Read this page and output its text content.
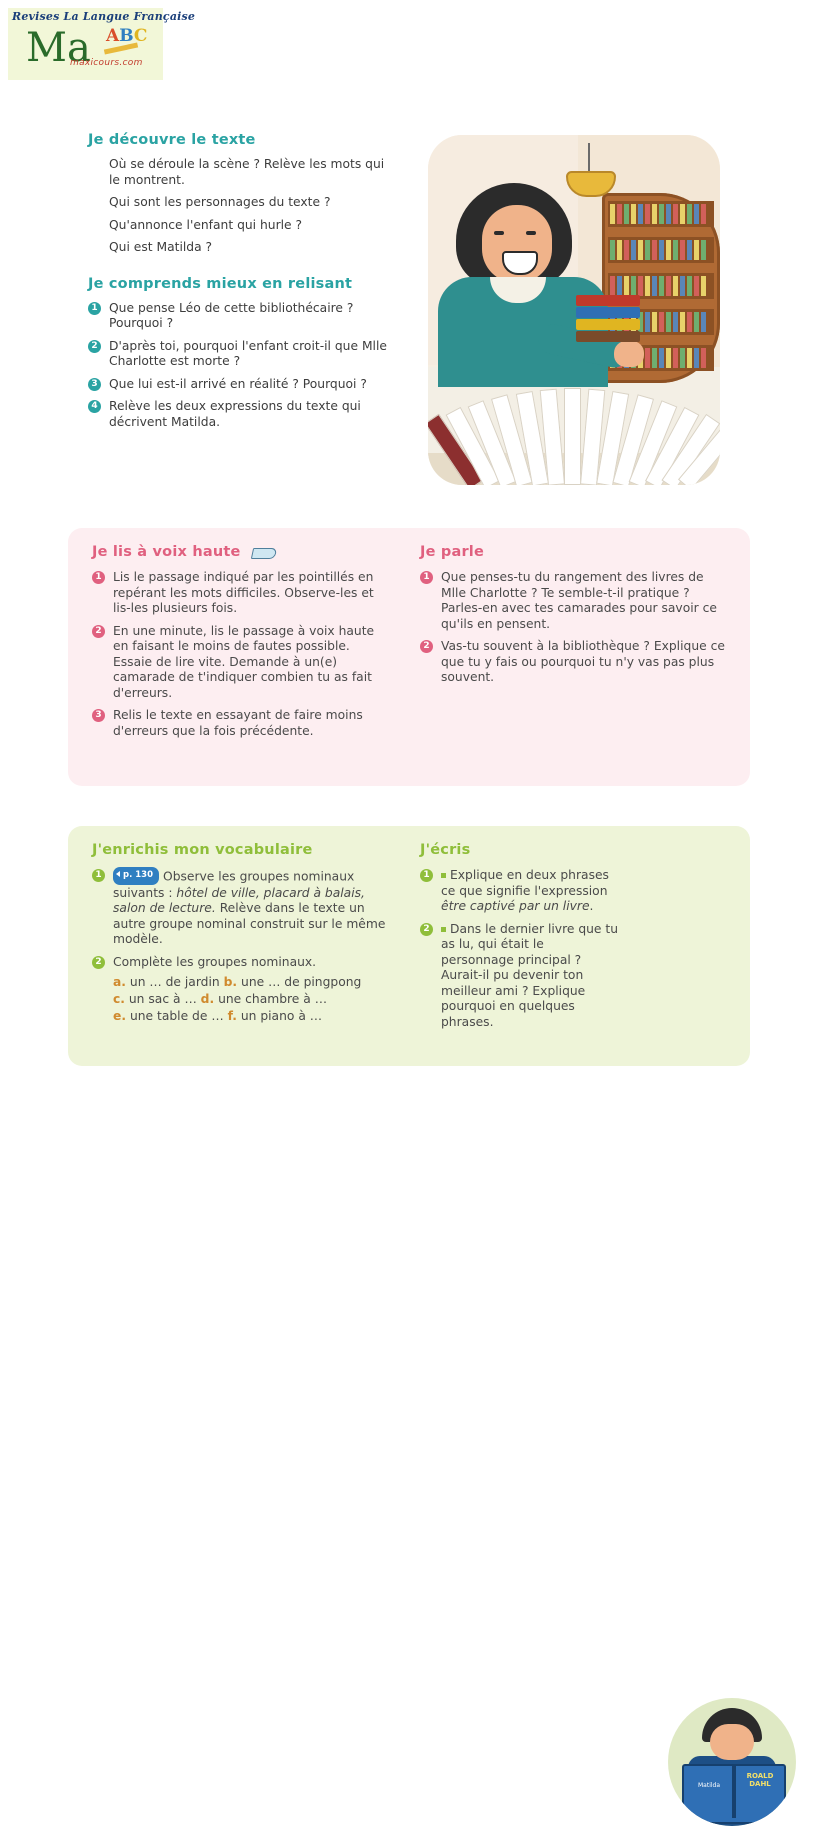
Revises La Langue Française
Ma ABC
maxicours.com
Je découvre le texte
1 Où se déroule la scène ? Relève les mots qui le montrent.
2 Qui sont les personnages du texte ?
3 Qu'annonce l'enfant qui hurle ?
4 Qui est Matilda ?
Je comprends mieux en relisant
1 Que pense Léo de cette bibliothécaire ? Pourquoi ?
2 D'après toi, pourquoi l'enfant croit-il que Mlle Charlotte est morte ?
3 Que lui est-il arrivé en réalité ? Pourquoi ?
4 Relève les deux expressions du texte qui décrivent Matilda.
Je lis à voix haute
1 Lis le passage indiqué par les pointillés en repérant les mots difficiles. Observe-les et lis-les plusieurs fois.
2 En une minute, lis le passage à voix haute en faisant le moins de fautes possible. Essaie de lire vite. Demande à un(e) camarade de t'indiquer combien tu as fait d'erreurs.
3 Relis le texte en essayant de faire moins d'erreurs que la fois précédente.
Je parle
1 Que penses-tu du rangement des livres de Mlle Charlotte ? Te semble-t-il pratique ? Parles-en avec tes camarades pour savoir ce qu'ils en pensent.
2 Vas-tu souvent à la bibliothèque ? Explique ce que tu y fais ou pourquoi tu n'y vas pas plus souvent.
J'enrichis mon vocabulaire
1	p. 130 Observe les groupes nominaux suivants : hôtel de ville, placard à balais, salon de lecture. Relève dans le texte un autre groupe nominal construit sur le même modèle.
2 Complète les groupes nominaux.
a. un … de jardin b. une … de pingpong
c. un sac à … d. une chambre à …
e. une table de … f. un piano à …
J'écris
1 Explique en deux phrases ce que signifie l'expression être captivé par un livre.
2 Dans le dernier livre que tu as lu, qui était le personnage principal ? Aurait-il pu devenir ton meilleur ami ? Explique pourquoi en quelques phrases.
ROALD DAHL
Matilda
